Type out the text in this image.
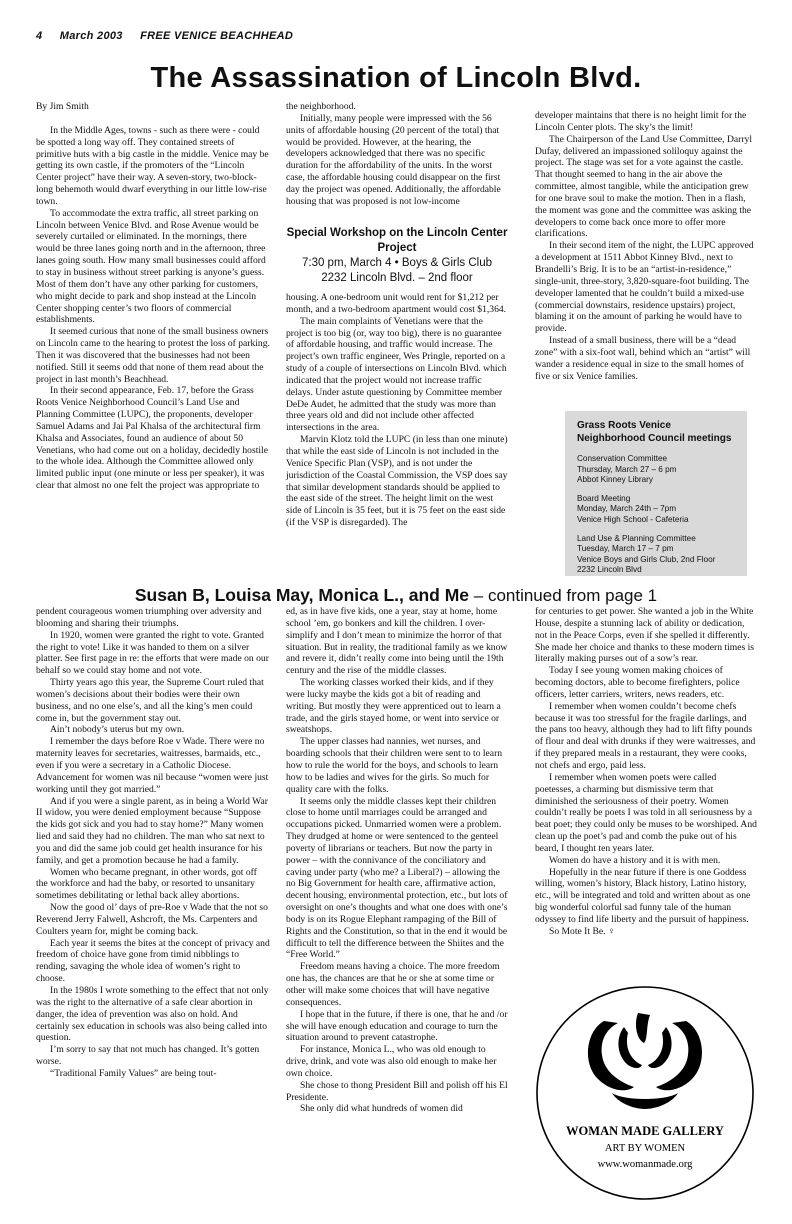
4 March 2003 FREE VENICE BEACHHEAD
The Assassination of Lincoln Blvd.

By Jim Smith

In the Middle Ages, towns - such as there were - could be spotted a long way off. They contained streets of primitive huts with a big castle in the middle. Venice may be getting its own castle, if the promoters of the “Lincoln Center project” have their way. A seven-story, two-block-long behemoth would dwarf everything in our little low-rise town.

To accommodate the extra traffic, all street parking on Lincoln between Venice Blvd. and Rose Avenue would be severely curtailed or eliminated. In the mornings, there would be three lanes going north and in the afternoon, three lanes going south. How many small businesses could afford to stay in business without street parking is anyone’s guess. Most of them don’t have any other parking for customers, who might decide to park and shop instead at the Lincoln Center shopping center’s two floors of commercial establishments.

It seemed curious that none of the small business owners on Lincoln came to the hearing to protest the loss of parking. Then it was discovered that the businesses had not been notified. Still it seems odd that none of them read about the project in last month’s Beachhead.

In their second appearance, Feb. 17, before the Grass Roots Venice Neighborhood Council’s Land Use and Planning Committee (LUPC), the proponents, developer Samuel Adams and Jai Pal Khalsa of the architectural firm Khalsa and Associates, found an audience of about 50 Venetians, who had come out on a holiday, decidedly hostile to the whole idea. Although the Committee allowed only limited public input (one minute or less per speaker), it was clear that almost no one felt the project was appropriate to

the neighborhood.

Initially, many people were impressed with the 56 units of affordable housing (20 percent of the total) that would be provided. However, at the hearing, the developers acknowledged that there was no specific duration for the affordability of the units. In the worst case, the affordable housing could disappear on the first day the project was opened. Additionally, the affordable housing that was proposed is not low-income

Special Workshop on the Lincoln Center Project
7:30 pm, March 4 • Boys & Girls Club
2232 Lincoln Blvd. – 2nd floor

housing. A one-bedroom unit would rent for $1,212 per month, and a two-bedroom apartment would cost $1,364.

The main complaints of Venetians were that the project is too big (or, way too big), there is no guarantee of affordable housing, and traffic would increase. The project’s own traffic engineer, Wes Pringle, reported on a study of a couple of intersections on Lincoln Blvd. which indicated that the project would not increase traffic delays. Under astute questioning by Committee member DeDe Audet, he admitted that the study was more than three years old and did not include other affected intersections in the area.

Marvin Klotz told the LUPC (in less than one minute) that while the east side of Lincoln is not included in the Venice Specific Plan (VSP), and is not under the jurisdiction of the Coastal Commission, the VSP does say that similar development standards should be applied to the east side of the street. The height limit on the west side of Lincoln is 35 feet, but it is 75 feet on the east side (if the VSP is disregarded). The

developer maintains that there is no height limit for the Lincoln Center plots. The sky’s the limit!

The Chairperson of the Land Use Committee, Darryl Dufay, delivered an impassioned soliloquy against the project. The stage was set for a vote against the castle. That thought seemed to hang in the air above the committee, almost tangible, while the anticipation grew for one brave soul to make the motion. Then in a flash, the moment was gone and the committee was asking the developers to come back once more to offer more clarifications.

In their second item of the night, the LUPC approved a development at 1511 Abbot Kinney Blvd., next to Brandelli’s Brig. It is to be an “artist-in-residence,” single-unit, three-story, 3,820-square-foot building. The developer lamented that he couldn’t build a mixed-use (commercial downstairs, residence upstairs) project, blaming it on the amount of parking he would have to provide.

Instead of a small business, there will be a “dead zone” with a six-foot wall, behind which an “artist” will wander a residence equal in size to the small homes of five or six Venice families.

Grass Roots Venice Neighborhood Council meetings
Conservation Committee
Thursday, March 27 – 6 pm
Abbot Kinney Library
Board Meeting
Monday, March 24th – 7pm
Venice High School - Cafeteria
Land Use & Planning Committee
Tuesday, March 17 – 7 pm
Venice Boys and Girls Club, 2nd Floor
2232 Lincoln Blvd
Susan B, Louisa May, Monica L., and Me – continued from page 1

pendent courageous women triumphing over adversity and blooming and sharing their triumphs.

In 1920, women were granted the right to vote. Granted the right to vote! Like it was handed to them on a silver platter. See first page in re: the efforts that were made on our behalf so we could stay home and not vote.

Thirty years ago this year, the Supreme Court ruled that women’s decisions about their bodies were their own business, and no one else’s, and all the king’s men could come in, but the government stay out.

Ain’t nobody’s uterus but my own.

I remember the days before Roe v Wade. There were no maternity leaves for secretaries, waitresses, barmaids, etc., even if you were a secretary in a Catholic Diocese. Advancement for women was nil because “women were just working until they got married.”

And if you were a single parent, as in being a World War II widow, you were denied employment because “Suppose the kids got sick and you had to stay home?” Many women lied and said they had no children. The man who sat next to you and did the same job could get health insurance for his family, and get a promotion because he had a family.

Women who became pregnant, in other words, got off the workforce and had the baby, or resorted to unsanitary sometimes debilitating or lethal back alley abortions.

Now the good ol’ days of pre-Roe v Wade that the not so Reverend Jerry Falwell, Ashcroft, the Ms. Carpenters and Coulters yearn for, might be coming back.

Each year it seems the bites at the concept of privacy and freedom of choice have gone from timid nibblings to rending, savaging the whole idea of women’s right to choose.

In the 1980s I wrote something to the effect that not only was the right to the alternative of a safe clear abortion in danger, the idea of prevention was also on hold. And certainly sex education in schools was also being called into question.

I’m sorry to say that not much has changed. It’s gotten worse.

“Traditional Family Values” are being tout-

ed, as in have five kids, one a year, stay at home, home school ’em, go bonkers and kill the children. I over-simplify and I don’t mean to minimize the horror of that situation. But in reality, the traditional family as we know and revere it, didn’t really come into being until the 19th century and the rise of the middle classes.

The working classes worked their kids, and if they were lucky maybe the kids got a bit of reading and writing. But mostly they were apprenticed out to learn a trade, and the girls stayed home, or went into service or sweatshops.

The upper classes had nannies, wet nurses, and boarding schools that their children were sent to to learn how to rule the world for the boys, and schools to learn how to be ladies and wives for the girls. So much for quality care with the folks.

It seems only the middle classes kept their children close to home until marriages could be arranged and occupations picked. Unmarried women were a problem. They drudged at home or were sentenced to the genteel poverty of librarians or teachers. But now the party in power – with the connivance of the conciliatory and caving under party (who me? a Liberal?) – allowing the no Big Government for health care, affirmative action, decent housing, environmental protection, etc., but lots of oversight on one’s thoughts and what one does with one’s body is on its Rogue Elephant rampaging of the Bill of Rights and the Constitution, so that in the end it would be difficult to tell the difference between the Shiites and the “Free World.”

Freedom means having a choice. The more freedom one has, the chances are that he or she at some time or other will make some choices that will have negative consequences.

I hope that in the future, if there is one, that he and /or she will have enough education and courage to turn the situation around to prevent catastrophe.

For instance, Monica L., who was old enough to drive, drink, and vote was also old enough to make her own choice.

She chose to thong President Bill and polish off his El Presidente.

She only did what hundreds of women did

for centuries to get power. She wanted a job in the White House, despite a stunning lack of ability or dedication, not in the Peace Corps, even if she spelled it differently. She made her choice and thanks to these modern times is literally making purses out of a sow’s rear.

Today I see young women making choices of becoming doctors, able to become firefighters, police officers, letter carriers, writers, news readers, etc.

I remember when women couldn’t become chefs because it was too stressful for the fragile darlings, and the pans too heavy, although they had to lift fifty pounds of flour and deal with drunks if they were waitresses, and if they prepared meals in a restaurant, they were cooks, not chefs and ergo, paid less.

I remember when women poets were called poetesses, a charming but dismissive term that diminished the seriousness of their poetry. Women couldn’t really be poets I was told in all seriousness by a beat poet; they could only be muses to be worshiped. And clean up the poet’s pad and comb the puke out of his beard, I thought ten years later.

Women do have a history and it is with men.

Hopefully in the near future if there is one Goddess willing, women’s history, Black history, Latino history, etc., will be integrated and told and written about as one big wonderful colorful sad funny tale of the human odyssey to find life liberty and the pursuit of happiness.

So Mote It Be. ♀

WOMAN MADE GALLERY
ART BY WOMEN
www.womanmade.org
